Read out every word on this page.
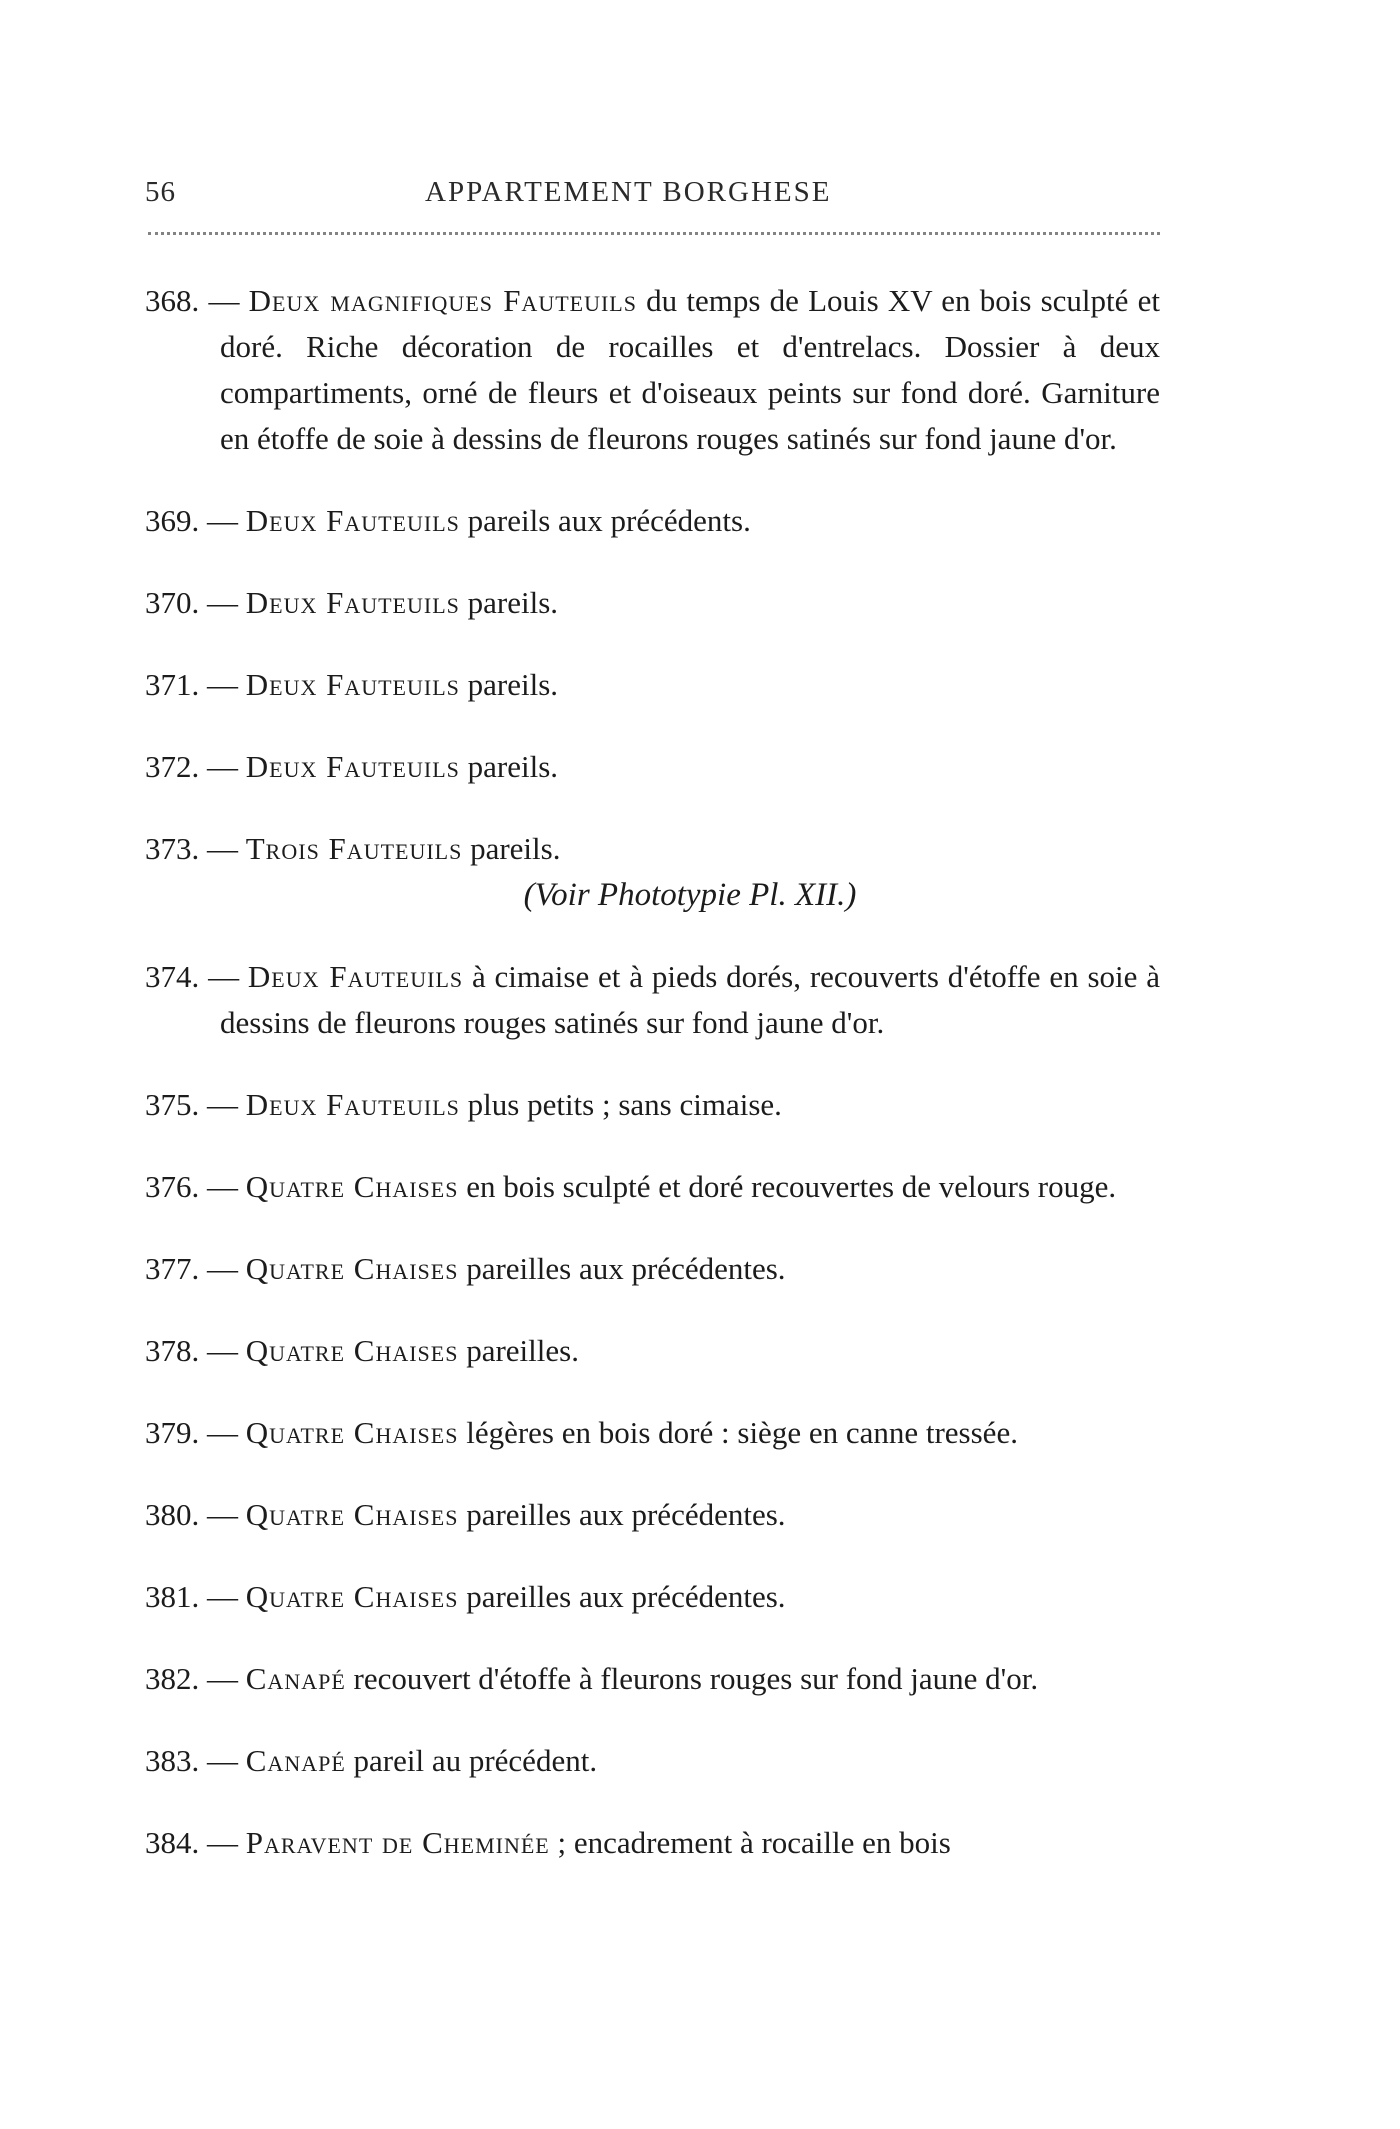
56	APPARTEMENT BORGHESE

368. — Deux magnifiques Fauteuils du temps de Louis XV en bois sculpté et doré. Riche décoration de rocailles et d'entrelacs. Dossier à deux compartiments, orné de fleurs et d'oiseaux peints sur fond doré. Garniture en étoffe de soie à dessins de fleurons rouges satinés sur fond jaune d'or.

369. — Deux Fauteuils pareils aux précédents.

370. — Deux Fauteuils pareils.

371. — Deux Fauteuils pareils.

372. — Deux Fauteuils pareils.

373. — Trois Fauteuils pareils.

(Voir Phototypie Pl. XII.)

374. — Deux Fauteuils à cimaise et à pieds dorés, recouverts d'étoffe en soie à dessins de fleurons rouges satinés sur fond jaune d'or.

375. — Deux Fauteuils plus petits ; sans cimaise.

376. — Quatre Chaises en bois sculpté et doré recouvertes de velours rouge.

377. — Quatre Chaises pareilles aux précédentes.

378. — Quatre Chaises pareilles.

379. — Quatre Chaises légères en bois doré : siège en canne tressée.

380. — Quatre Chaises pareilles aux précédentes.

381. — Quatre Chaises pareilles aux précédentes.

382. — Canapé recouvert d'étoffe à fleurons rouges sur fond jaune d'or.

383. — Canapé pareil au précédent.

384. — Paravent de Cheminée ; encadrement à rocaille en bois
